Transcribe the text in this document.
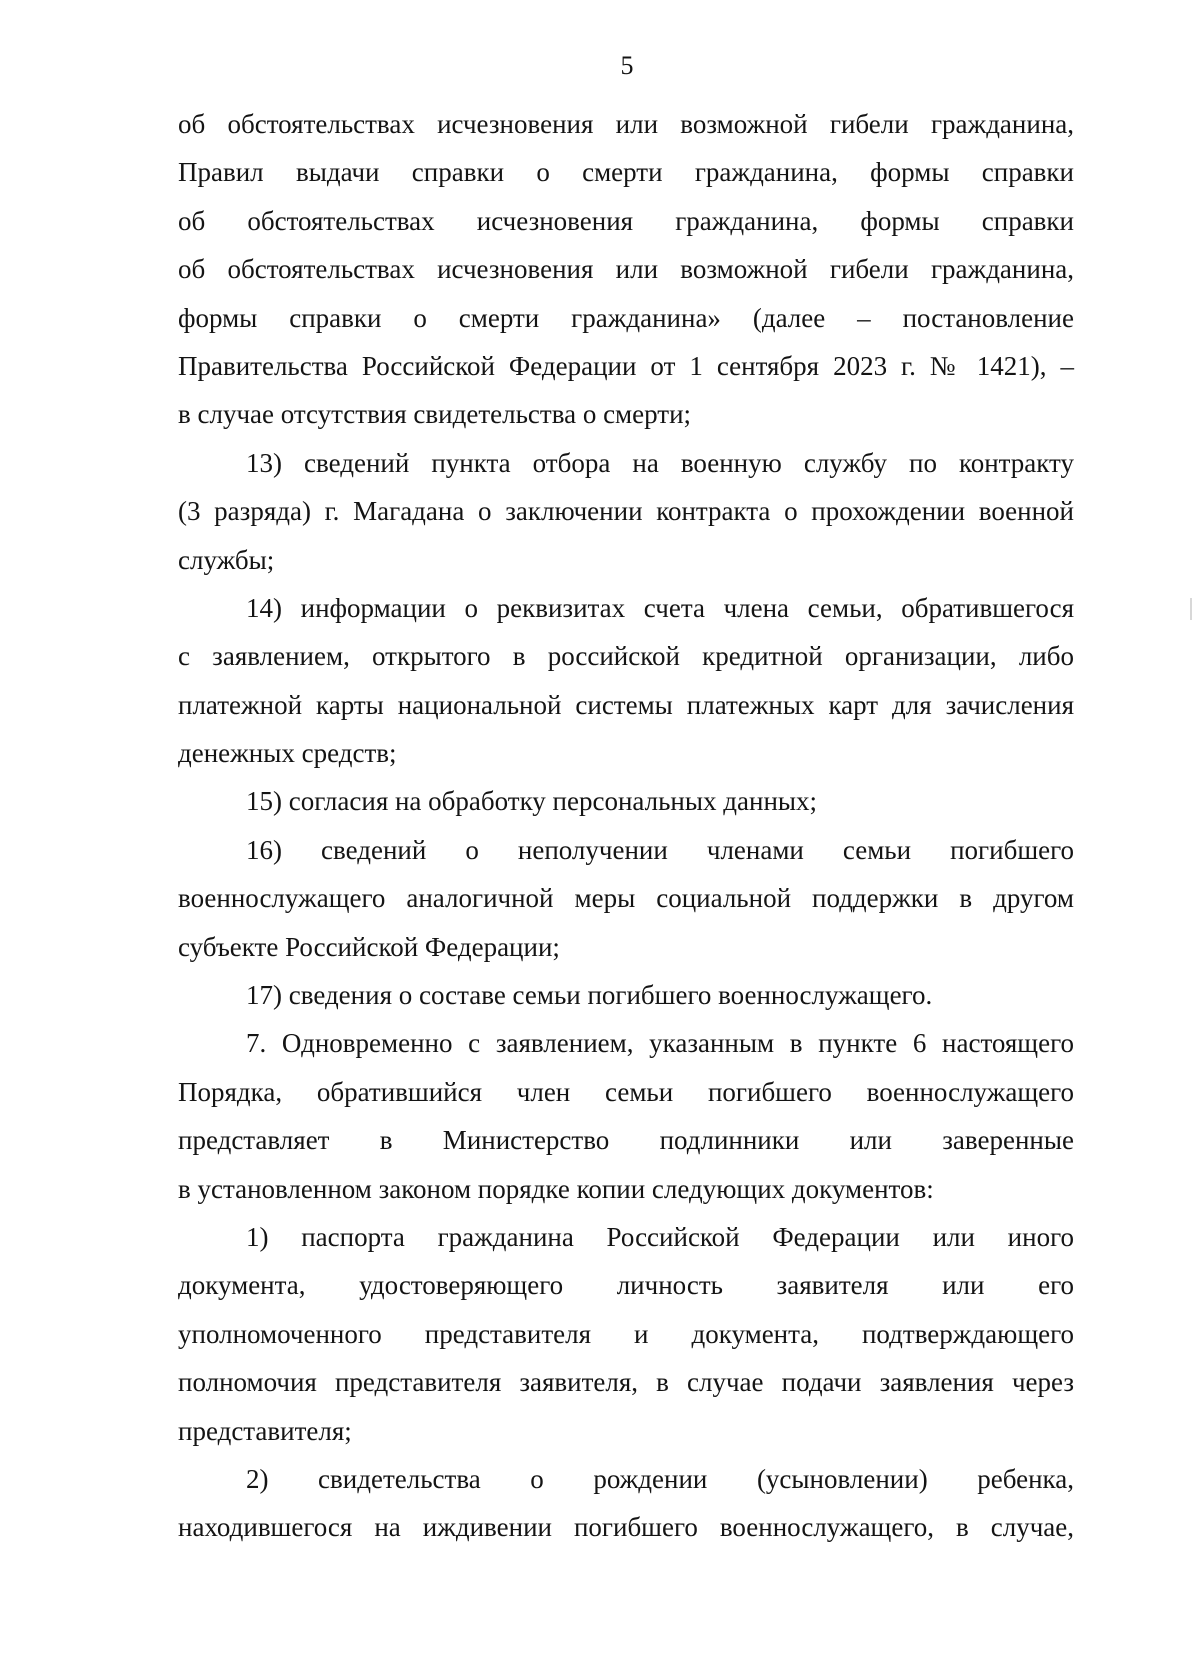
5
об обстоятельствах исчезновения или возможной гибели гражданина,
Правил выдачи справки о смерти гражданина, формы справки
об обстоятельствах исчезновения гражданина, формы справки
об обстоятельствах исчезновения или возможной гибели гражданина,
формы справки о смерти гражданина» (далее – постановление
Правительства Российской Федерации от 1 сентября 2023 г. № 1421), –
в случае отсутствия свидетельства о смерти;
13) сведений пункта отбора на военную службу по контракту
(3 разряда) г. Магадана о заключении контракта о прохождении военной
службы;
14) информации о реквизитах счета члена семьи, обратившегося
с заявлением, открытого в российской кредитной организации, либо
платежной карты национальной системы платежных карт для зачисления
денежных средств;
15) согласия на обработку персональных данных;
16) сведений о неполучении членами семьи погибшего
военнослужащего аналогичной меры социальной поддержки в другом
субъекте Российской Федерации;
17) сведения о составе семьи погибшего военнослужащего.
7. Одновременно с заявлением, указанным в пункте 6 настоящего
Порядка, обратившийся член семьи погибшего военнослужащего
представляет в Министерство подлинники или заверенные
в установленном законом порядке копии следующих документов:
1) паспорта гражданина Российской Федерации или иного
документа, удостоверяющего личность заявителя или его
уполномоченного представителя и документа, подтверждающего
полномочия представителя заявителя, в случае подачи заявления через
представителя;
2) свидетельства о рождении (усыновлении) ребенка,
находившегося на иждивении погибшего военнослужащего, в случае,
